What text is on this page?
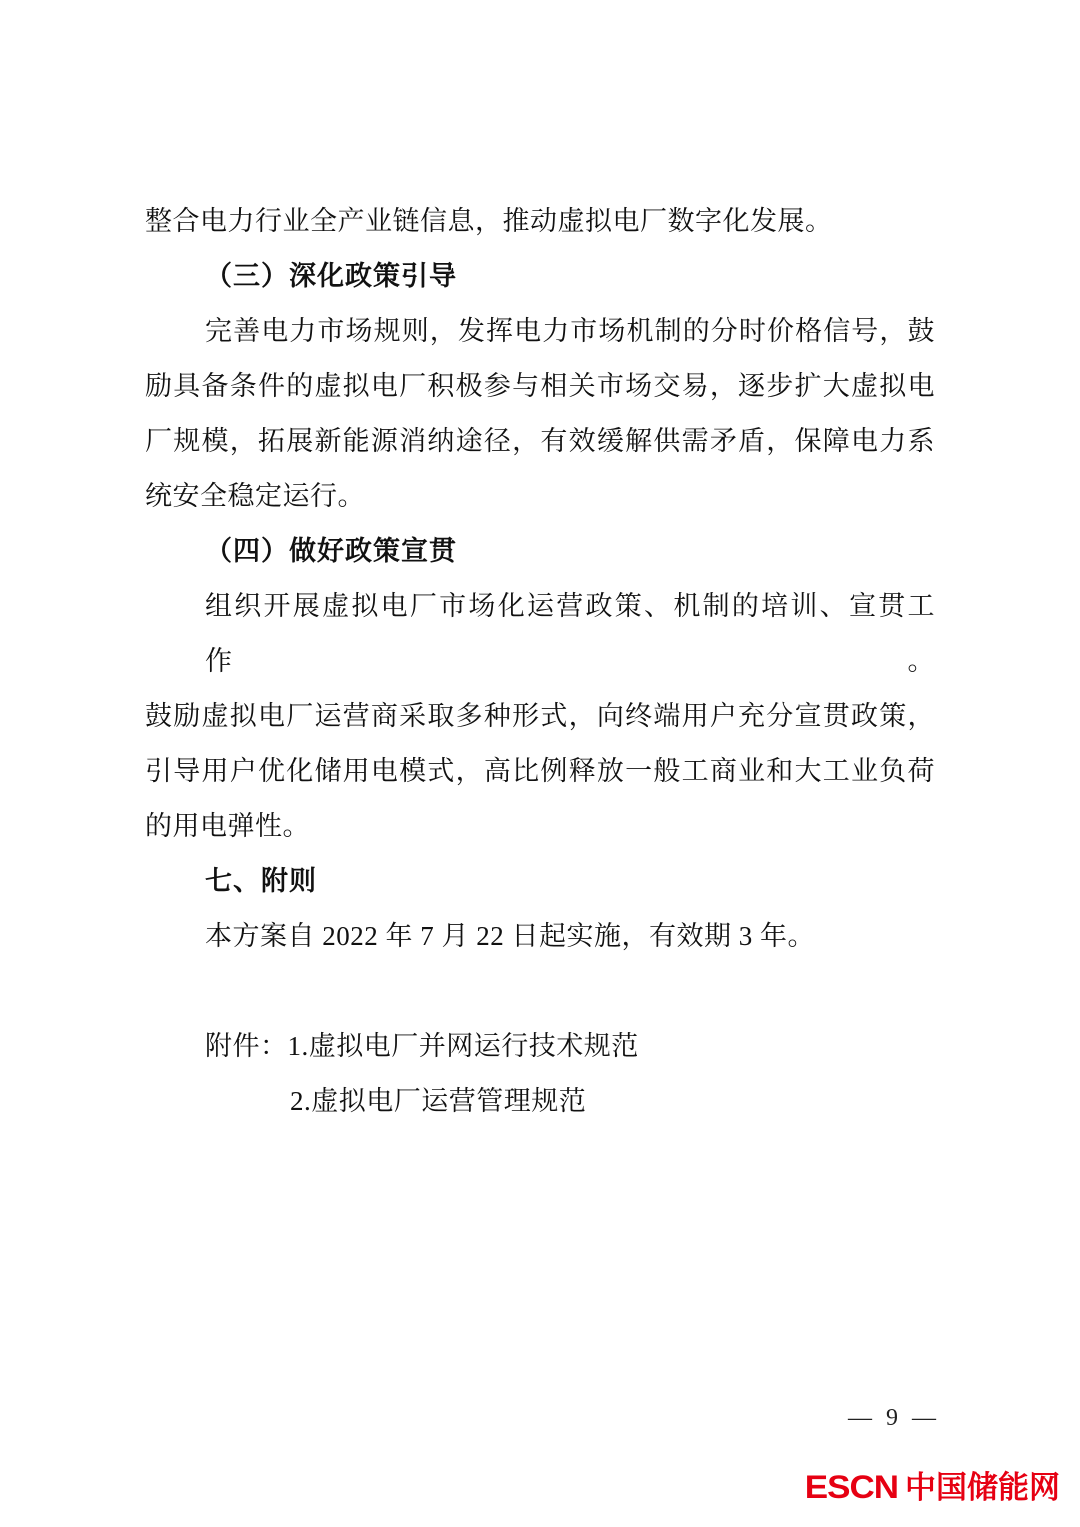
整合电力行业全产业链信息，推动虚拟电厂数字化发展。
（三）深化政策引导
完善电力市场规则，发挥电力市场机制的分时价格信号，鼓
励具备条件的虚拟电厂积极参与相关市场交易，逐步扩大虚拟电
厂规模，拓展新能源消纳途径，有效缓解供需矛盾，保障电力系
统安全稳定运行。
（四）做好政策宣贯
组织开展虚拟电厂市场化运营政策、机制的培训、宣贯工作。
鼓励虚拟电厂运营商采取多种形式，向终端用户充分宣贯政策，
引导用户优化储用电模式，高比例释放一般工商业和大工业负荷
的用电弹性。
七、附则
本方案自 2022 年 7 月 22 日起实施，有效期 3 年。

附件：1.虚拟电厂并网运行技术规范
2.虚拟电厂运营管理规范
— 9 —
ESCN 中国储能网
